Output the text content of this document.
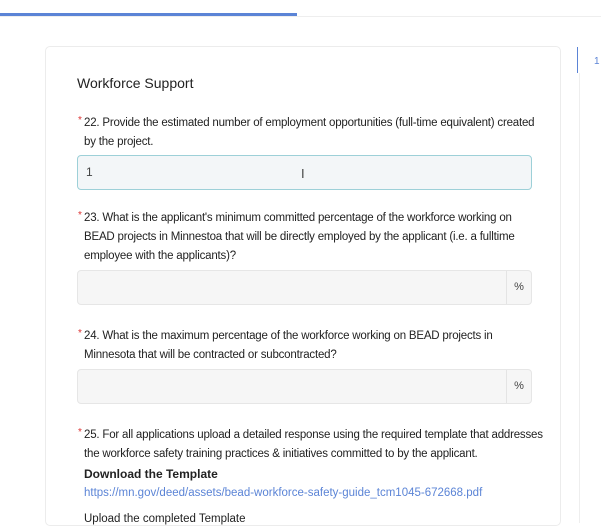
Workforce Support
* 22. Provide the estimated number of employment opportunities (full-time equivalent) created by the project.
1	I
* 23. What is the applicant's minimum committed percentage of the workforce working on BEAD projects in Minnestoa that will be directly employed by the applicant (i.e. a fulltime employee with the applicants)?
%
* 24. What is the maximum percentage of the workforce working on BEAD projects in Minnesota that will be contracted or subcontracted?
%
* 25. For all applications upload a detailed response using the required template that addresses the workforce safety training practices & initiatives committed to by the applicant.
Download the Template
https://mn.gov/deed/assets/bead-workforce-safety-guide_tcm1045-672668.pdf
Upload the completed Template
1
